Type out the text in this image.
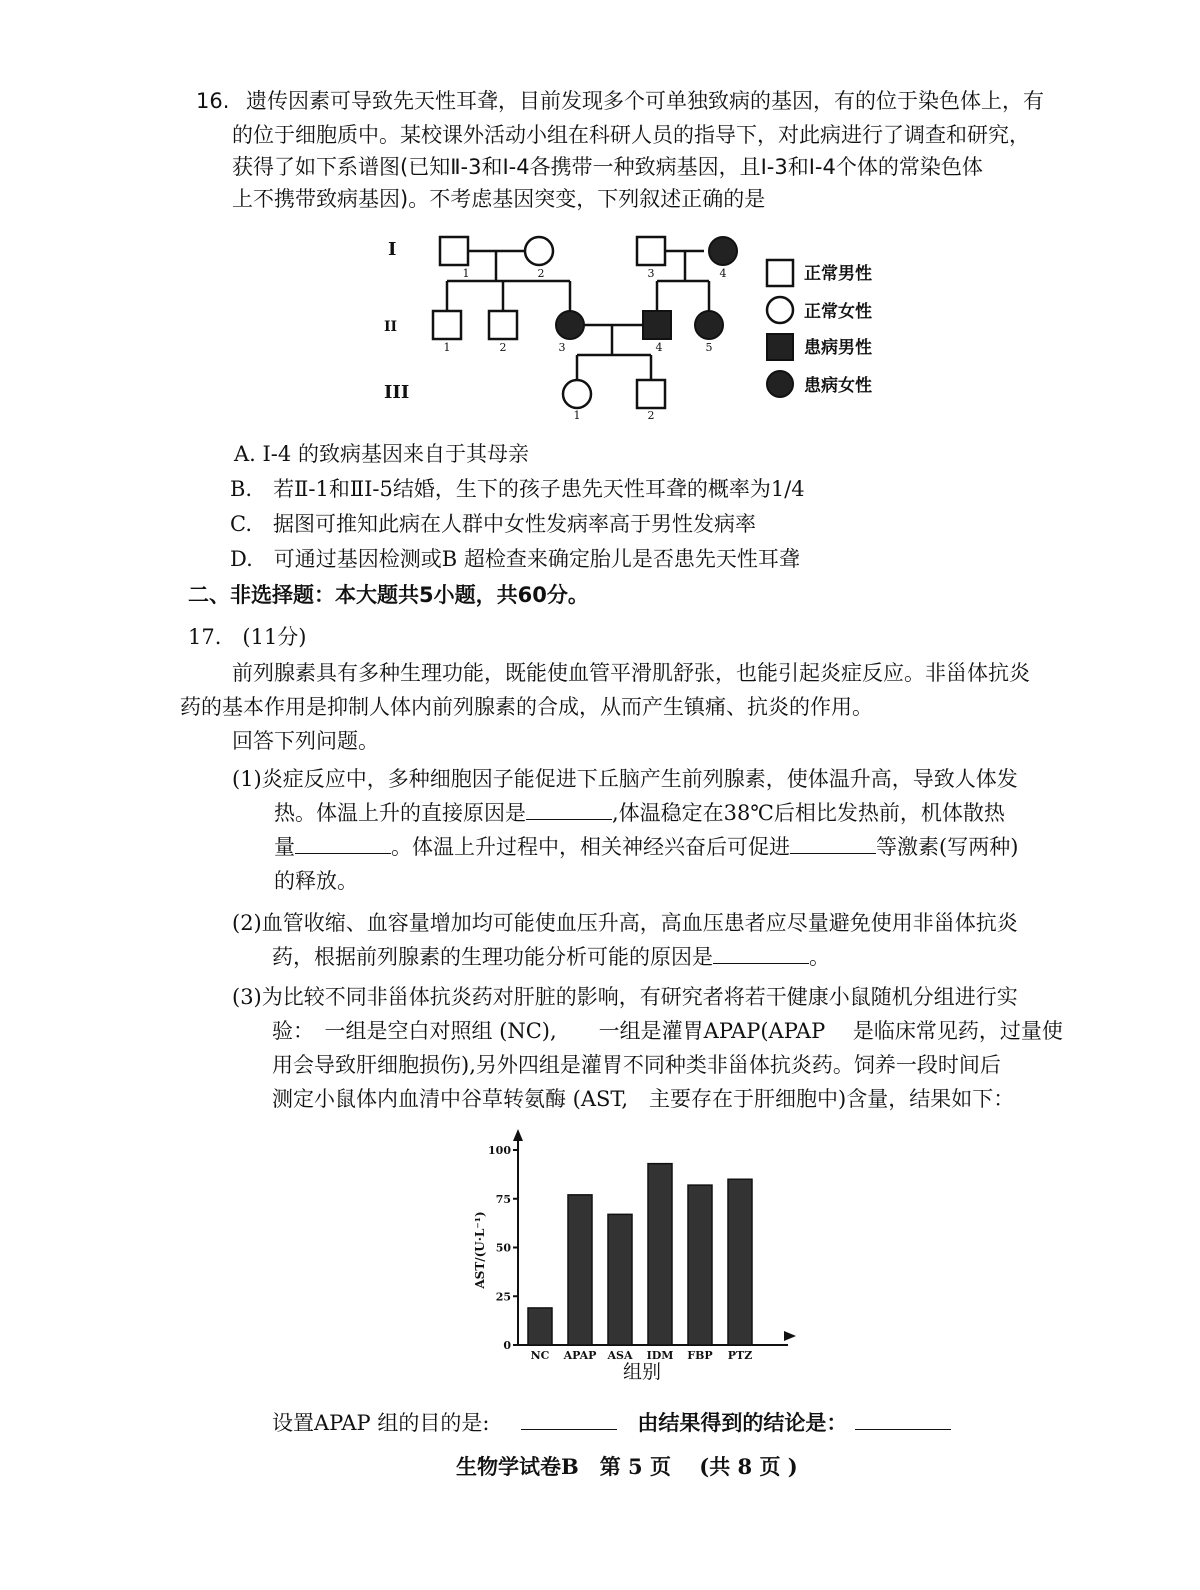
16. 遗传因素可导致先天性耳聋，目前发现多个可单独致病的基因，有的位于染色体上，有
的位于细胞质中。某校课外活动小组在科研人员的指导下，对此病进行了调查和研究，
获得了如下系谱图(已知Ⅱ-3和Ⅰ-4各携带一种致病基因，且Ⅰ-3和Ⅰ-4个体的常染色体
上不携带致病基因)。不考虑基因突变，下列叙述正确的是
I
II
III
1	2	3	4
1	2	3	4	5
1	2
正常男性
正常女性
患病男性
患病女性
A. Ⅰ-4 的致病基因来自于其母亲
B.　若Ⅱ-1和ⅡⅠ-5结婚，生下的孩子患先天性耳聋的概率为1/4
C.　据图可推知此病在人群中女性发病率高于男性发病率
D.　可通过基因检测或B 超检查来确定胎儿是否患先天性耳聋
二、非选择题：本大题共5小题，共60分。
17.　(11分)
前列腺素具有多种生理功能，既能使血管平滑肌舒张，也能引起炎症反应。非甾体抗炎
药的基本作用是抑制人体内前列腺素的合成，从而产生镇痛、抗炎的作用。
回答下列问题。
(1)炎症反应中，多种细胞因子能促进下丘脑产生前列腺素，使体温升高，导致人体发
热。体温上升的直接原因是	,体温稳定在38℃后相比发热前，机体散热
量	。体温上升过程中，相关神经兴奋后可促进	等激素(写两种)
的释放。
(2)血管收缩、血容量增加均可能使血压升高，高血压患者应尽量避免使用非甾体抗炎
药，根据前列腺素的生理功能分析可能的原因是	。
(3)为比较不同非甾体抗炎药对肝脏的影响，有研究者将若干健康小鼠随机分组进行实
验：　一组是空白对照组 (NC),　　一组是灌胃APAP(APAP　 是临床常见药，过量使
用会导致肝细胞损伤),另外四组是灌胃不同种类非甾体抗炎药。饲养一段时间后
测定小鼠体内血清中谷草转氨酶 (AST,　主要存在于肝细胞中)含量，结果如下：
0
25
50
75
100
NC APAP ASA IDM FBP PTZ
AST/(U·L⁻¹)
组别
设置APAP 组的目的是:	由结果得到的结论是：
生物学试卷B　第 5 页　 (共 8 页 )
